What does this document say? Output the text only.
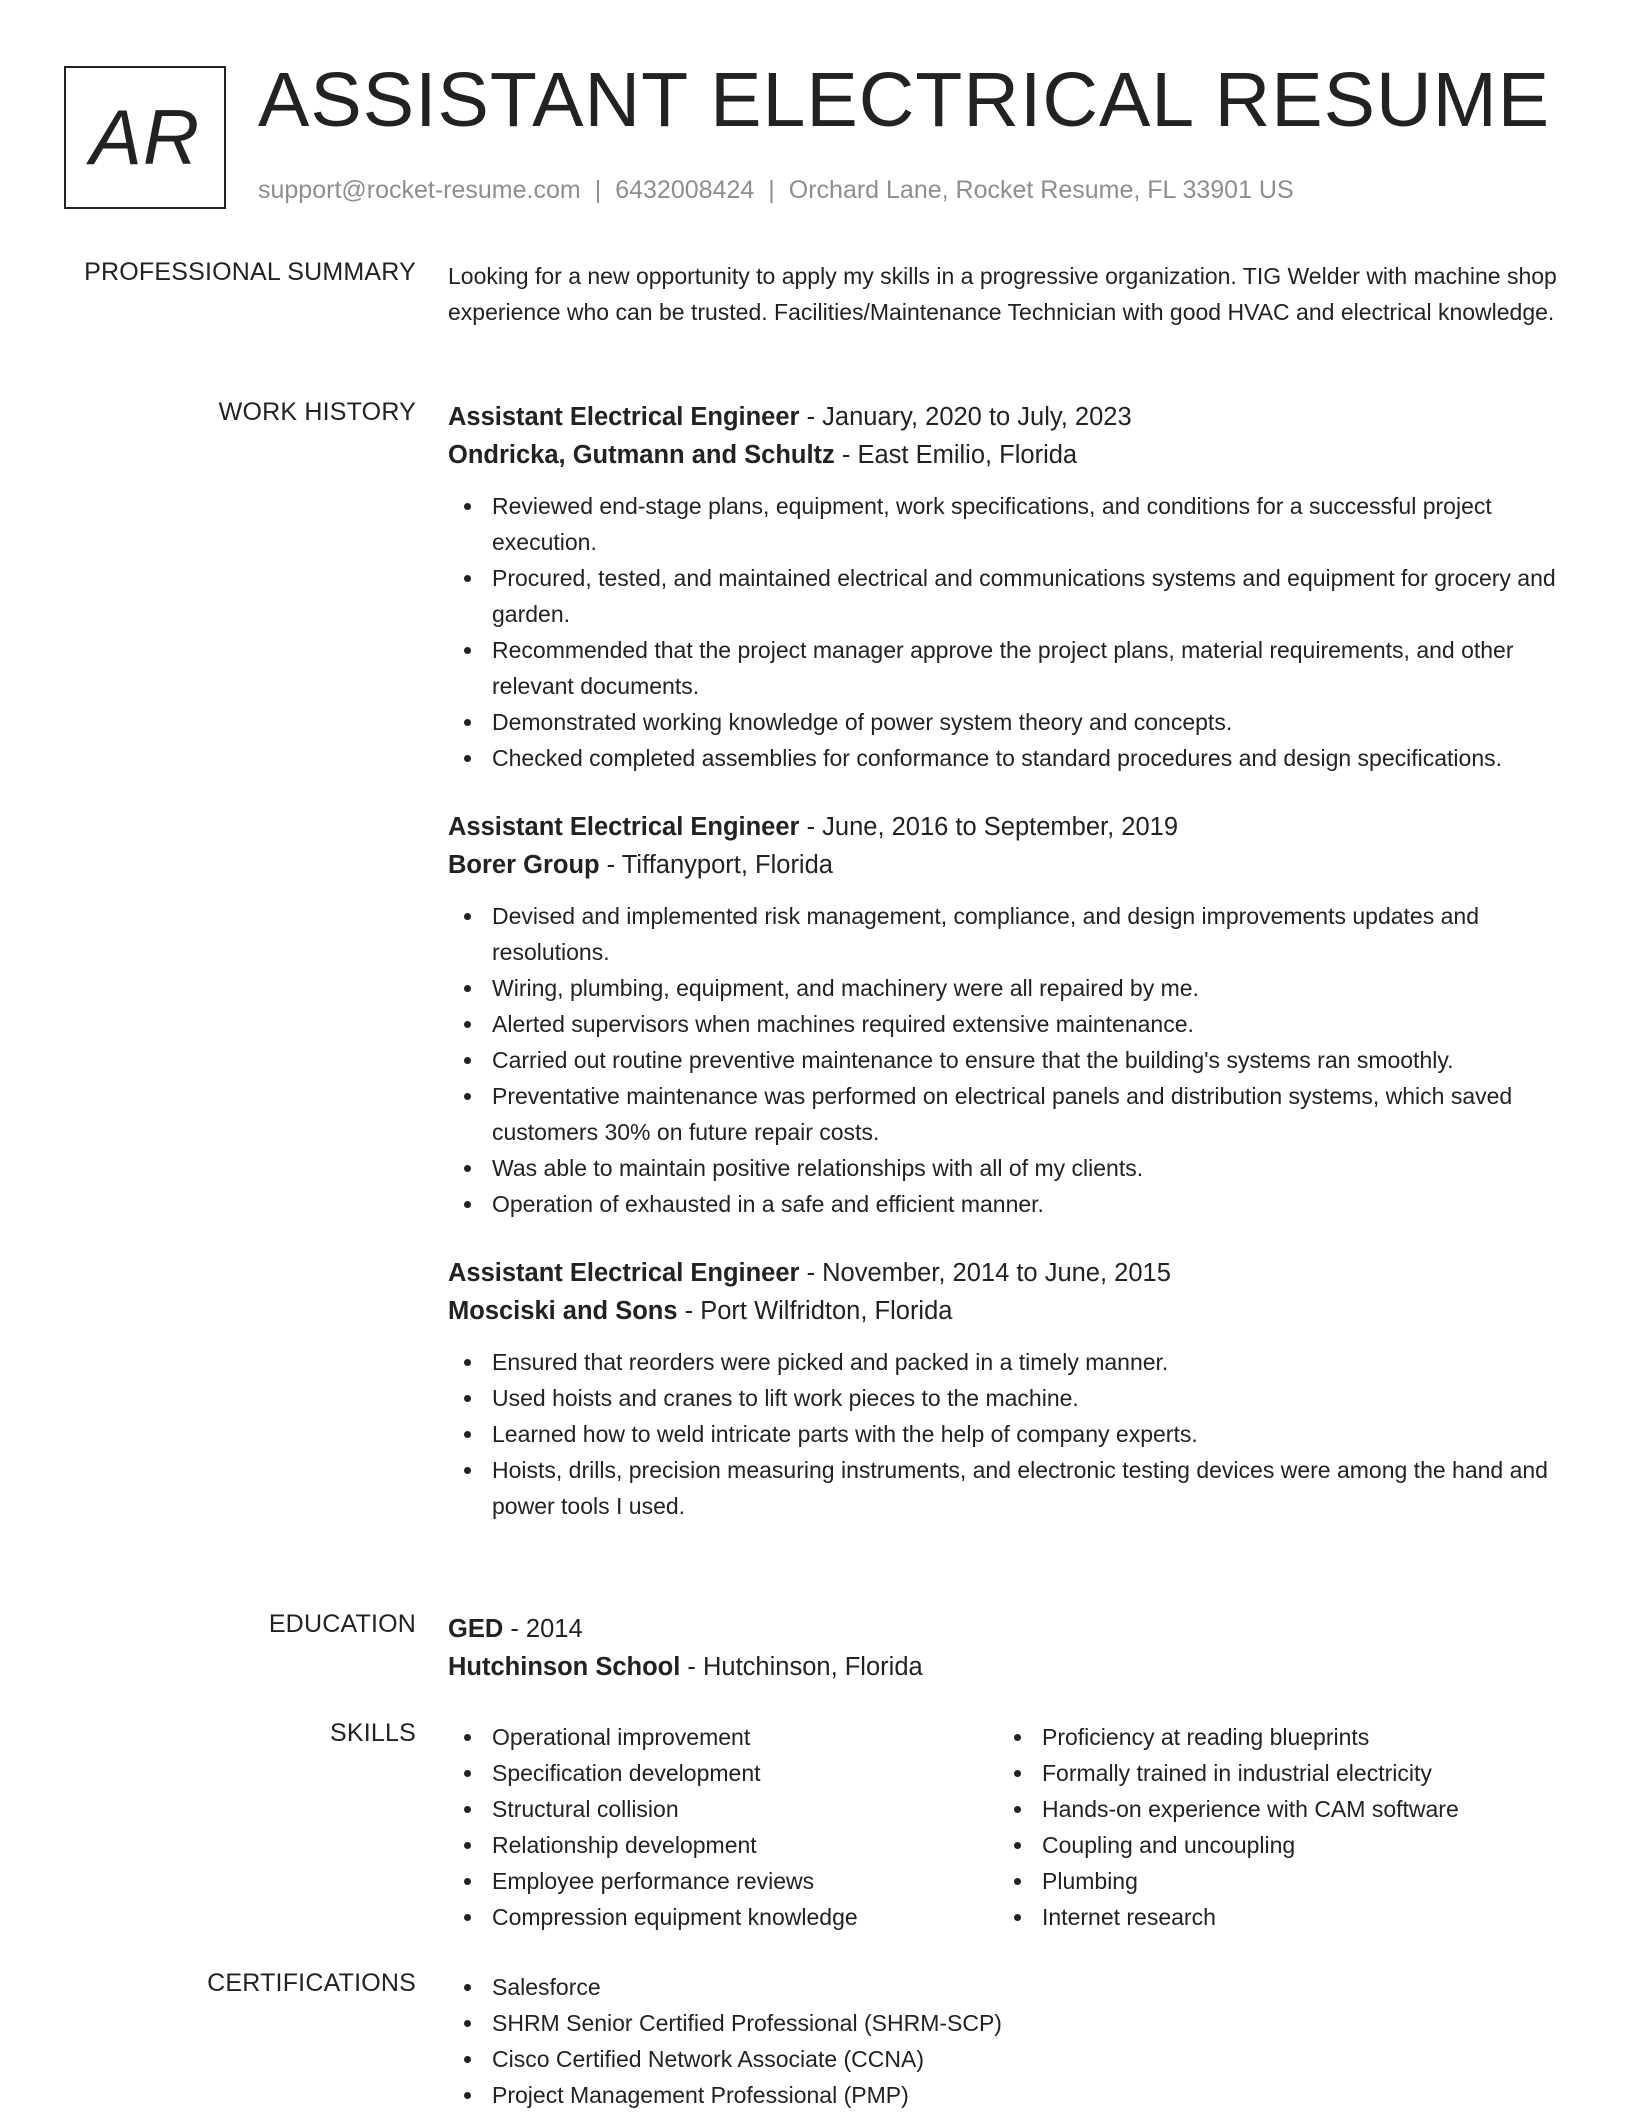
AR ASSISTANT ELECTRICAL RESUME
support@rocket-resume.com | 6432008424 | Orchard Lane, Rocket Resume, FL 33901 US
PROFESSIONAL SUMMARY Looking for a new opportunity to apply my skills in a progressive organization. TIG Welder with machine shop experience who can be trusted. Facilities/Maintenance Technician with good HVAC and electrical knowledge.
WORK HISTORY Assistant Electrical Engineer - January, 2020 to July, 2023
Ondricka, Gutmann and Schultz - East Emilio, Florida
Reviewed end-stage plans, equipment, work specifications, and conditions for a successful project execution.
Procured, tested, and maintained electrical and communications systems and equipment for grocery and garden.
Recommended that the project manager approve the project plans, material requirements, and other relevant documents.
Demonstrated working knowledge of power system theory and concepts.
Checked completed assemblies for conformance to standard procedures and design specifications.
Assistant Electrical Engineer - June, 2016 to September, 2019
Borer Group - Tiffanyport, Florida
Devised and implemented risk management, compliance, and design improvements updates and resolutions.
Wiring, plumbing, equipment, and machinery were all repaired by me.
Alerted supervisors when machines required extensive maintenance.
Carried out routine preventive maintenance to ensure that the building's systems ran smoothly.
Preventative maintenance was performed on electrical panels and distribution systems, which saved customers 30% on future repair costs.
Was able to maintain positive relationships with all of my clients.
Operation of exhausted in a safe and efficient manner.
Assistant Electrical Engineer - November, 2014 to June, 2015
Mosciski and Sons - Port Wilfridton, Florida
Ensured that reorders were picked and packed in a timely manner.
Used hoists and cranes to lift work pieces to the machine.
Learned how to weld intricate parts with the help of company experts.
Hoists, drills, precision measuring instruments, and electronic testing devices were among the hand and power tools I used.
EDUCATION GED - 2014
Hutchinson School - Hutchinson, Florida
SKILLS	Operational improvement
Specification development
Structural collision
Relationship development
Employee performance reviews
Compression equipment knowledge
Proficiency at reading blueprints
Formally trained in industrial electricity
Hands-on experience with CAM software
Coupling and uncoupling
Plumbing
Internet research
CERTIFICATIONS	Salesforce
SHRM Senior Certified Professional (SHRM-SCP)
Cisco Certified Network Associate (CCNA)
Project Management Professional (PMP)
